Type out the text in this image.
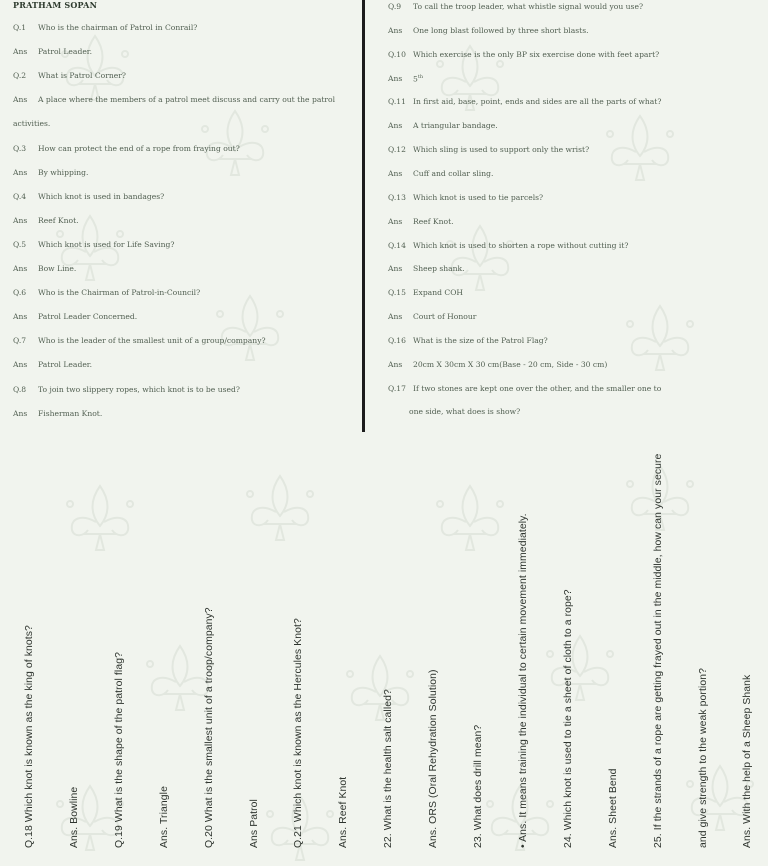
PRATHAM SOPAN
Q.1 Who is the chairman of Patrol in Conrail?
Ans Patrol Leader.
Q.2 What is Patrol Corner?
Ans A place where the members of a patrol meet discuss and carry out the patrol
activities.
Q.3 How can protect the end of a rope from fraying out?
Ans By whipping.
Q.4 Which knot is used in bandages?
Ans Reef Knot.
Q.5 Which knot is used for Life Saving?
Ans Bow Line.
Q.6 Who is the Chairman of Patrol-in-Council?
Ans Patrol Leader Concerned.
Q.7 Who is the leader of the smallest unit of a group/company?
Ans Patrol Leader.
Q.8 To join two slippery ropes, which knot is to be used?
Ans Fisherman Knot.
Q.9 To call the troop leader, what whistle signal would you use?
Ans One long blast followed by three short blasts.
Q.10 Which exercise is the only BP six exercise done with feet apart?
Ans 5th
Q.11 In first aid, base, point, ends and sides are all the parts of what?
Ans A triangular bandage.
Q.12 Which sling is used to support only the wrist?
Ans Cuff and collar sling.
Q.13 Which knot is used to tie parcels?
Ans Reef Knot.
Q.14 Which knot is used to shorten a rope without cutting it?
Ans Sheep shank.
Q.15 Expand COH
Ans Court of Honour
Q.16 What is the size of the Patrol Flag?
Ans 20cm X 30cm X 30 cm(Base - 20 cm, Side - 30 cm)
Q.17 If two stones are kept one over the other, and the smaller one to
one side, what does is show?
Q.18 Which knot is known as the king of knots?	Ans. Bowline	Q.19 What is the shape of the patrol flag?	Ans. Triangle	Q.20 What is the smallest unit of a troop/company?	Ans Patrol	Q.21 Which knot is known as the Hercules Knot?	Ans. Reef Knot	22. What is the health salt called?	Ans. ORS (Oral Rehydration Solution)	23. What does drill mean?	• Ans. It means training the individual to certain movement immediately.	24. Which knot is used to tie a sheet of cloth to a rope?	Ans. Sheet Bend	25. If the strands of a rope are getting frayed out in the middle, how can your secure	and give strength to the weak portion?	Ans. With the help of a Sheep Shank
